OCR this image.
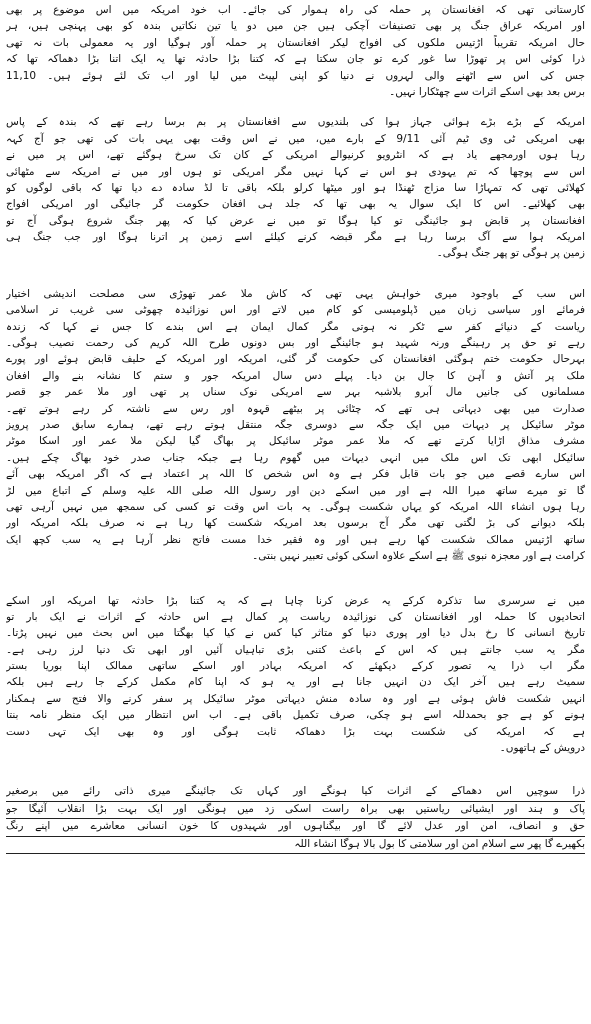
کارستانی تھی کہ افغانستان پر حملہ کی راہ ہموار کی جائے۔ اب خود امریکہ میں اس موضوع پر بھی
اور امریکہ عراق جنگ پر بھی تصنیفات آچکی ہیں جن میں دو یا تین نکاتیں بندہ کو بھی پہنچی ہیں، ہر
حال امریکہ تقریباً اڑتیس ملکوں کی افواج لیکر افغانستان پر حملہ آور ہوگیا اور یہ معمولی بات نہ تھی
ذرا کوئی اس پر تھوڑا سا غور کرے تو جان سکتا ہے کہ کتنا بڑا حادثہ تھا یہ ایک اتنا بڑا دھماکہ تھا کہ
جس کی اس سے اٹھنے والی لہروں نے دنیا کو اپنی لپیٹ میں لیا اور اب تک لئے ہوئے ہیں۔ 11,10
برس بعد بھی اسکے اثرات سے چھٹکارا نہیں۔
امریکہ کے بڑے بڑے ہوائی جہاز ہوا کی بلندیوں سے افغانستان پر بم برسا رہے تھے کہ بندہ کے پاس
بھی امریکی ٹی وی ٹیم آئی 9/11 کے بارے میں، میں نے اس وقت بھی یہی بات کی تھی جو آج کہہ
رہا ہوں اورمجھے یاد ہے کہ انٹرویو کرنیوالے امریکی کے کان تک سرخ ہوگئے تھے، اس پر میں نے
اس سے پوچھا کہ تم یہودی ہو اس نے کہا نہیں مگر امریکی تو ہوں اور میں نے امریکہ سے مٹھائی
کھلائی تھی کہ تمہاڑا سا مزاج ٹھنڈا ہو اور میٹھا کرلو بلکہ باقی تا لڈ سادہ دے دیا تھا کہ باقی لوگوں کو
بھی کھلائیے۔ اس کا ایک سوال یہ بھی تھا کہ جلد ہی افغان حکومت گر جائیگی اور امریکی افواج
افغانستان پر قابض ہو جائینگی تو کیا ہوگا تو میں نے عرض کیا کہ پھر جنگ شروع ہوگی آج تو
امریکہ ہوا سے آگ برسا رہا ہے مگر قبضہ کرنے کیلئے اسے زمین پر اترنا ہوگا اور جب جنگ ہی
زمین پر ہوگی تو پھر جنگ ہوگی۔
اس سب کے باوجود میری خواہش یہی تھی کہ کاش ملا عمر تھوڑی سی مصلحت اندیشی اختیار
فرمائے اور سیاسی زبان میں ڈپلومیسی کو کام میں لاتے اور اس نوزائیدہ چھوٹی سی غریب تر اسلامی
ریاست کے دنیائے کفر سے ٹکر نہ ہوتی مگر کمال ایمان ہے اس بندے کا جس نے کہا کہ زندہ
رہے تو حق پر رہینگے ورنہ شہید ہو جائینگے اور بس دونوں طرح اللہ کریم کی رحمت نصیب ہوگی۔
بہرحال حکومت ختم ہوگئی افغانستان کی حکومت گر گئی، امریکہ اور امریکہ کے حلیف قابض ہوئے اور پورے
ملک پر آتش و آہن کا جال بن دیا۔ پہلے دس سال امریکہ جور و ستم کا نشانہ بنے والے افغان
مسلمانوں کی جانیں مال آبرو بلاشبہ بہر سے امریکی نوک سناں پر تھی اور ملا عمر جو قصر
صدارت میں بھی دیہاتی ہی تھے کہ چٹائی پر بیٹھے قہوہ اور رس سے ناشتہ کر رہے ہوتے تھے۔
موٹر سائیکل پر دیہات میں ایک جگہ سے دوسری جگہ منتقل ہوتے رہے تھے، ہمارے سابق صدر پرویز
مشرف مذاق اڑایا کرتے تھے کہ ملا عمر موٹر سائیکل پر بھاگ گیا لیکن ملا عمر اور اسکا موٹر
سائیکل ابھی تک اس ملک میں انہی دیہات میں گھوم رہا ہے جبکہ جناب صدر خود بھاگ چکے ہیں۔
اس سارے قصے میں جو بات قابل فکر ہے وہ اس شخص کا اللہ پر اعتماد ہے کہ اگر امریکہ بھی آئے
گا تو میرے ساتھ میرا اللہ ہے اور میں اسکے دین اور رسول اللہ صلی اللہ علیہ وسلم کے اتباع میں لڑ
رہا ہوں انشاء اللہ امریکہ کو یہاں شکست ہوگی۔ یہ بات اس وقت تو کسی کی سمجھ میں نہیں آرہی تھی
بلکہ دیوانے کی بڑ لگتی تھی مگر آج برسوں بعد امریکہ شکست کھا رہا ہے نہ صرف بلکہ امریکہ اور
ساتھ اڑتیس ممالک شکست کھا رہے ہیں اور وہ فقیر خدا مست فاتح نظر آرہا ہے یہ سب کچھ ایک
کرامت ہے اور معجزہ نبوی ﷺ ہے اسکے علاوہ اسکی کوئی تعبیر نہیں بنتی۔
میں نے سرسری سا تذکرہ کرکے یہ عرض کرنا چاہا ہے کہ یہ کتنا بڑا حادثہ تھا امریکہ اور اسکے
اتحادیوں کا حملہ اور افغانستان کی نوزائیدہ ریاست پر کمال ہے اس حادثہ کے اثرات نے ایک بار تو
تاریخ انسانی کا رخ بدل دیا اور پوری دنیا کو متاثر کیا کس نے کیا کیا بھگتا میں اس بحث میں نہیں پڑتا۔
مگر یہ سب جانتے ہیں کہ اس کے باعث کتنی بڑی تباہیاں آئیں اور ابھی تک دنیا لرز رہی ہے۔
مگر اب ذرا یہ تصور کرکے دیکھئے کہ امریکہ بہادر اور اسکے ساتھی ممالک اپنا بوریا بستر
سمیٹ رہے ہیں آخر ایک دن انہیں جانا ہے اور یہ ہو کہ اپنا کام مکمل کرکے جا رہے ہیں بلکہ
انہیں شکست فاش ہوئی ہے اور وہ سادہ منش دیہاتی موٹر سائیکل پر سفر کرنے والا فتح سے ہمکنار
ہونے کو ہے جو بحمدللہ اسے ہو چکی، صرف تکمیل باقی ہے۔ اب اس انتظار میں ایک منظر نامہ بنتا
ہے کہ امریکہ کی شکست بہت بڑا دھماکہ ثابت ہوگی اور وہ بھی ایک تہی دست
درویش کے ہاتھوں۔
ذرا سوچیں اس دھماکے کے اثرات کیا ہونگے اور کہاں تک جائینگے میری ذاتی رائے میں برصغیر
پاک و ہند اور ایشیائی ریاستیں بھی براہ راست اسکی زد میں ہونگی اور ایک بہت بڑا انقلاب آئیگا جو
حق و انصاف، امن اور عدل لائے گا اور بیگناہوں اور شہیدوں کا خون انسانی معاشرے میں اپنے رنگ
بکھیرے گا پھر سے اسلام امن اور سلامتی کا بول بالا ہوگا انشاء اللہ
